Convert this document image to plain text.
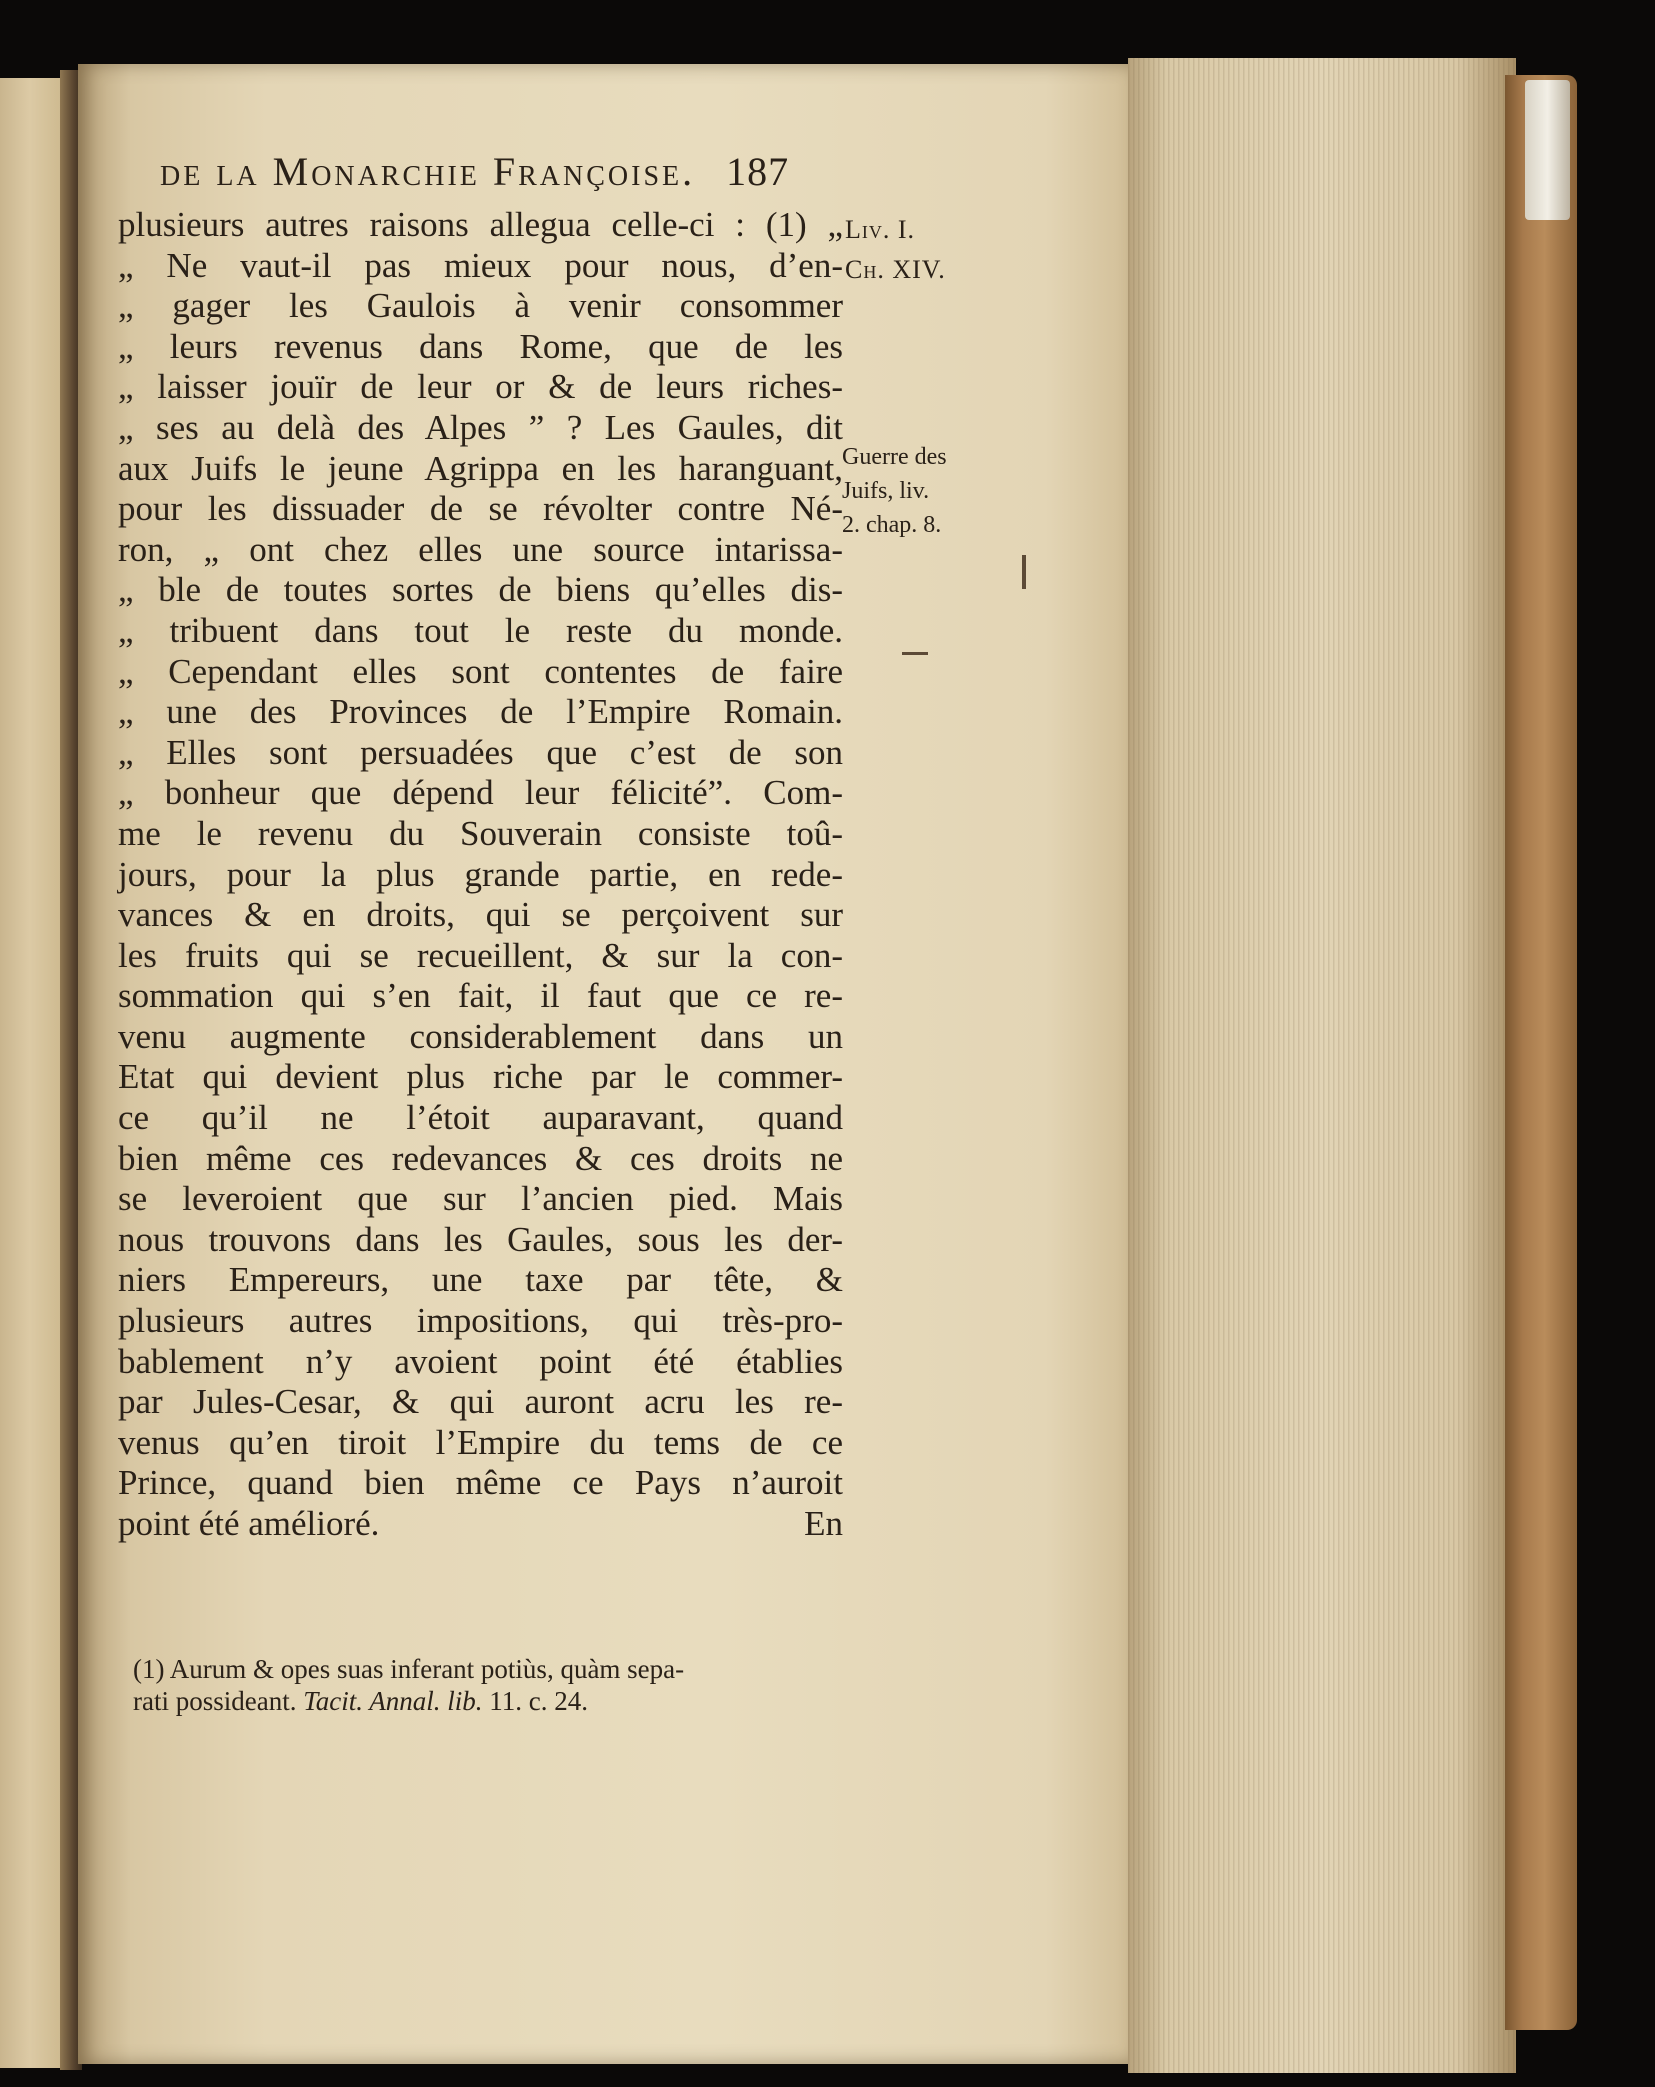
de la Monarchie Françoise. 187
Liv. I.
Ch. XIV.
Guerre des
Juifs, liv.
2. chap. 8.
plusieurs autres raisons allegua celle-ci : (1) „
„ Ne vaut-il pas mieux pour nous, d’en-
„ gager les Gaulois à venir consommer
„ leurs revenus dans Rome, que de les
„ laisser jouïr de leur or & de leurs riches-
„ ses au delà des Alpes ” ? Les Gaules, dit
aux Juifs le jeune Agrippa en les haranguant,
pour les dissuader de se révolter contre Né-
ron, „ ont chez elles une source intarissa-
„ ble de toutes sortes de biens qu’elles dis-
„ tribuent dans tout le reste du monde.
„ Cependant elles sont contentes de faire
„ une des Provinces de l’Empire Romain.
„ Elles sont persuadées que c’est de son
„ bonheur que dépend leur félicité”. Com-
me le revenu du Souverain consiste toû-
jours, pour la plus grande partie, en rede-
vances & en droits, qui se perçoivent sur
les fruits qui se recueillent, & sur la con-
sommation qui s’en fait, il faut que ce re-
venu augmente considerablement dans un
Etat qui devient plus riche par le commer-
ce qu’il ne l’étoit auparavant, quand
bien même ces redevances & ces droits ne
se leveroient que sur l’ancien pied. Mais
nous trouvons dans les Gaules, sous les der-
niers Empereurs, une taxe par tête, &
plusieurs autres impositions, qui très-pro-
bablement n’y avoient point été établies
par Jules-Cesar, & qui auront acru les re-
venus qu’en tiroit l’Empire du tems de ce
Prince, quand bien même ce Pays n’auroit
point été amélioré.	En
(1) Aurum & opes suas inferant potiùs, quàm sepa-
rati possideant. Tacit. Annal. lib. 11. c. 24.
